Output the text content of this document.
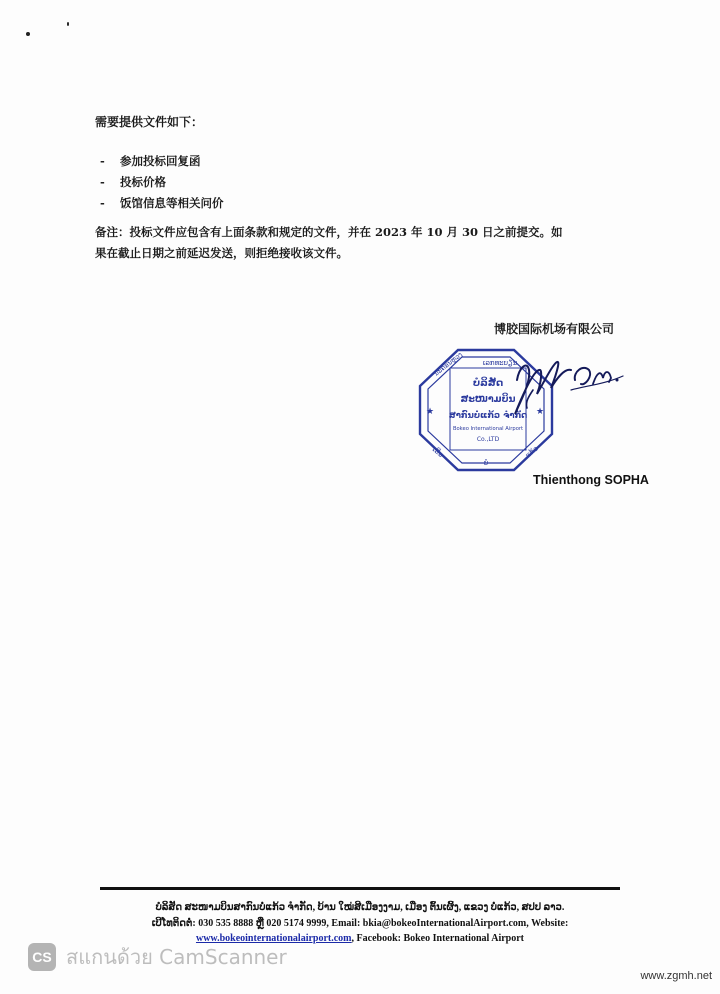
需要提供文件如下：
-	参加投标回复函
-	投标价格
-	饭馆信息等相关问价
备注：投标文件应包含有上面条款和规定的文件，并在 2023 年 10 月 30 日之前提交。如
果在截止日期之前延迟发送，则拒绝接收该文件。
博胶国际机场有限公司
ເລກທະບຽນ
ນະຄອນຫຼວງ
ບໍລິສັດ
ສະໜາມບິນ
ສາກົນບໍ່ແກ້ວ ຈຳກັດ
Bokeo International Airport
Co.,LTD
ເວີນ	ແກ້ວ
ບໍ່
★	★
Thienthong SOPHA
ບໍລິສັດ ສະໜາມບິນສາກົນບໍ່ແກ້ວ ຈຳກັດ, ບ້ານ ໃໝ່ສີເມືອງງາມ, ເມືອງ ຕົ້ນເຜິ້ງ, ແຂວງ ບໍ່ແກ້ວ, ສປປ ລາວ.
ເບີໂທຕິດຕໍ່: 030 535 8888 ຫຼື 020 5174 9999, Email: bkia@bokeoInternationalAirport.com, Website:
www.bokeointernationalairport.com, Facebook: Bokeo International Airport
CS สแกนด้วย CamScanner
www.zgmh.net
